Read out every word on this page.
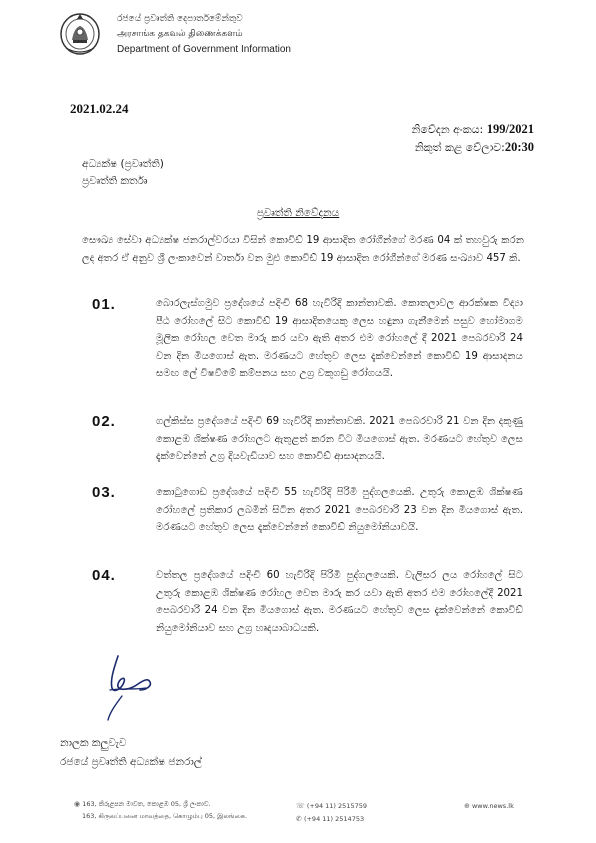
රජයේ ප්‍රවෘත්ති දෙපාර්තමේන්තුව
அரசாங்க தகவல் திணைக்களம்
Department of Government Information
2021.02.24
නිවේදන අංකය: 199/2021
නිකුත් කළ වේලාව:20:30
අධ්‍යක්ෂ (ප්‍රවෘත්ති)
ප්‍රවෘත්ති කර්තෘ
ප්‍රවෘත්ති නිවේදනය

සෞඛ්‍ය සේවා අධ්‍යක්ෂ ජනරාල්වරයා විසින් කොවිඩ් 19 ආසාදිත රෝගීන්ගේ මරණ 04 ක් තහවුරු කරන ලද අතර ඒ අනුව ශ්‍රී ලංකාවෙන් වාර්තා වන මුළු කොවිඩ් 19 ආසාදිත රෝගීන්ගේ මරණ සංඛ්‍යාව 457 කි.

01.	බොරලැස්ගමුව ප්‍රදේශයේ පදිංචි 68 හැවිරිදි කාන්තාවකි. කොතලාවල ආරක්ෂක විද්‍යා පීඨ රෝහලේ සිට කොවිඩ් 19 ආසාදිතයෙකු ලෙස හඳුනා ගැනීමෙන් පසුව හෝමාගම මූලික රෝහල වෙත මාරු කර යවා ඇති අතර එම රෝහලේ දී 2021 පෙබරවාරි 24 වන දින මියගොස් ඇත. මරණයට හේතුව ලෙස දැක්වෙන්නේ කොවිඩ් 19 ආසාදනය සමඟ ලේ විෂවීමේ කම්පනය සහ උග්‍ර වකුගඩු රෝගයයි.

02.	ගල්කිස්ස ප්‍රදේශයේ පදිංචි 69 හැවිරිදි කාන්තාවකි. 2021 පෙබරවාරි 21 වන දින දකුණු කොළඹ ශික්ෂණ රෝහලට ඇතුළත් කරන විට මියගොස් ඇත. මරණයට හේතුව ලෙස දැක්වෙන්නේ උග්‍ර දියවැඩියාව සහ කොවිඩ් ආසාදනයයි.

03.	කොටුගොඩ ප්‍රදේශයේ පදිංචි 55 හැවිරිදි පිරිමි පුද්ගලයෙකි. උතුරු කොළඹ ශික්ෂණ රෝහලේ ප්‍රතිකාර ලබමින් සිටින අතර 2021 පෙබරවාරි 23 වන දින මියගොස් ඇත. මරණයට හේතුව ලෙස දැක්වෙන්නේ කොවිඩ් නියුමෝනියාවයි.

04.	වත්තල ප්‍රදේශයේ පදිංචි 60 හැවිරිදි පිරිමි පුද්ගලයෙකි. වැලිසර ලය රෝහලේ සිට උතුරු කොළඹ ශික්ෂණ රෝහල වෙත මාරු කර යවා ඇති අතර එම රෝහලේදී 2021 පෙබරවාරි 24 වන දින මියගොස් ඇත. මරණයට හේතුව ලෙස දැක්වෙන්නේ කොවිඩ් නියුමෝනියාව සහ උග්‍ර හෘදයාබාධයකි.

නාලක කලුවැව
රජයේ ප්‍රවෘත්ති අධ්‍යක්ෂ ජනරාල්
◉ 163, කිරුළපන මාවත, කොළඹ 05, ශ්‍රී ලංකාව.
163, கிருலப்பனை மாவத்தை, கொழும்பு 05, இலங்கை.
☏ (+94 11) 2515759
✆ (+94 11) 2514753
⊕ www.news.lk
